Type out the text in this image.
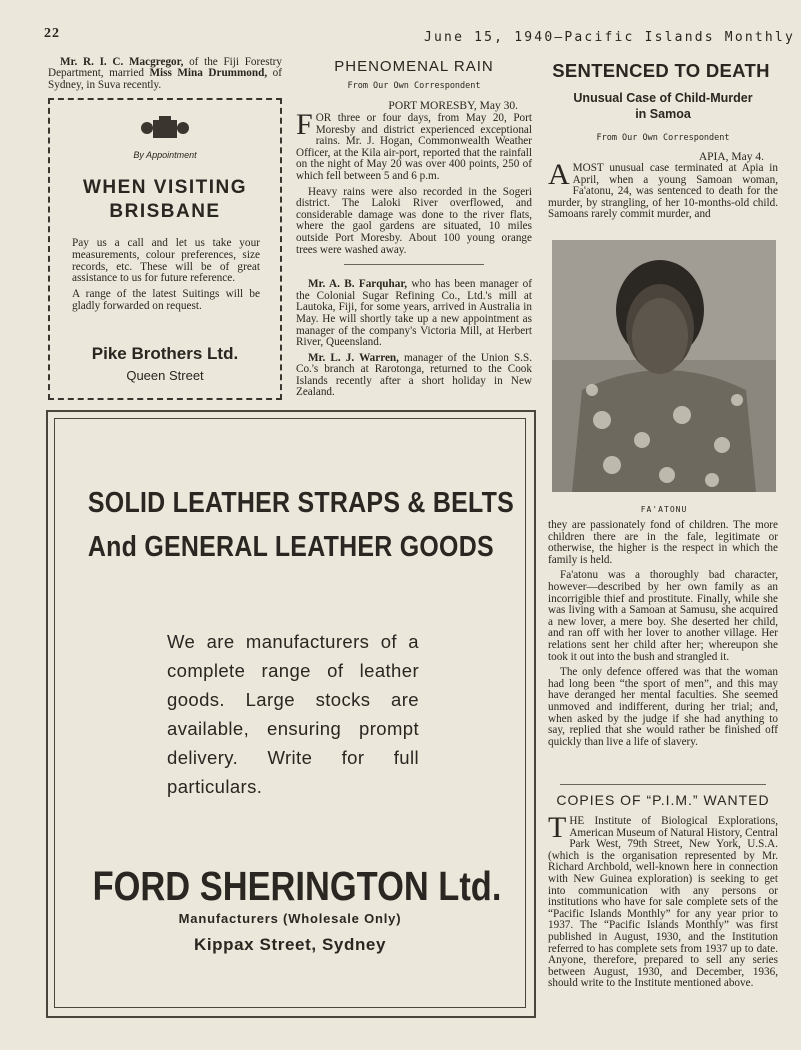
22	June 15, 1940—Pacific Islands Monthly

Mr. R. I. C. Macgregor, of the Fiji Forestry Department, married Miss Mina Drummond, of Sydney, in Suva recently.

By Appointment
WHEN VISITING
BRISBANE

Pay us a call and let us take your measurements, colour preferences, size records, etc. These will be of great assistance to us for future reference.

A range of the latest Suitings will be gladly forwarded on request.

Pike Brothers Ltd.
Queen Street
PHENOMENAL RAIN
From Our Own Correspondent
PORT MORESBY, May 30.

FOR three or four days, from May 20, Port Moresby and district experienced exceptional rains. Mr. J. Hogan, Commonwealth Weather Officer, at the Kila air-port, reported that the rainfall on the night of May 20 was over 400 points, 250 of which fell between 5 and 6 p.m.

Heavy rains were also recorded in the Sogeri district. The Laloki River overflowed, and considerable damage was done to the river flats, where the gaol gardens are situated, 10 miles outside Port Moresby. About 100 young orange trees were washed away.

Mr. A. B. Farquhar, who has been manager of the Colonial Sugar Refining Co., Ltd.'s mill at Lautoka, Fiji, for some years, arrived in Australia in May. He will shortly take up a new appointment as manager of the company's Victoria Mill, at Herbert River, Queensland.

Mr. L. J. Warren, manager of the Union S.S. Co.'s branch at Rarotonga, returned to the Cook Islands recently after a short holiday in New Zealand.

SOLID LEATHER STRAPS & BELTS
And GENERAL LEATHER GOODS
We are manufacturers of a complete range of leather goods. Large stocks are available, ensuring prompt delivery. Write for full particulars.
FORD SHERINGTON Ltd.
Manufacturers (Wholesale Only)
Kippax Street, Sydney
SENTENCED TO DEATH
Unusual Case of Child-Murder
in Samoa
From Our Own Correspondent
APIA, May 4.

AMOST unusual case terminated at Apia in April, when a young Samoan woman, Fa'atonu, 24, was sentenced to death for the murder, by strangling, of her 10-months-old child. Samoans rarely commit murder, and

FA'ATONU

they are passionately fond of children. The more children there are in the fale, legitimate or otherwise, the higher is the respect in which the family is held.

Fa'atonu was a thoroughly bad character, however—described by her own family as an incorrigible thief and prostitute. Finally, while she was living with a Samoan at Samusu, she acquired a new lover, a mere boy. She deserted her child, and ran off with her lover to another village. Her relations sent her child after her; whereupon she took it out into the bush and strangled it.

The only defence offered was that the woman had long been “the sport of men”, and this may have deranged her mental faculties. She seemed unmoved and indifferent, during her trial; and, when asked by the judge if she had anything to say, replied that she would rather be finished off quickly than live a life of slavery.

COPIES OF “P.I.M.” WANTED

THE Institute of Biological Explorations, American Museum of Natural History, Central Park West, 79th Street, New York, U.S.A. (which is the organisation represented by Mr. Richard Archbold, well-known here in connection with New Guinea exploration) is seeking to get into communication with any persons or institutions who have for sale complete sets of the “Pacific Islands Monthly” for any year prior to 1937. The “Pacific Islands Monthly” was first published in August, 1930, and the Institution referred to has complete sets from 1937 up to date. Anyone, therefore, prepared to sell any series between August, 1930, and December, 1936, should write to the Institute mentioned above.
